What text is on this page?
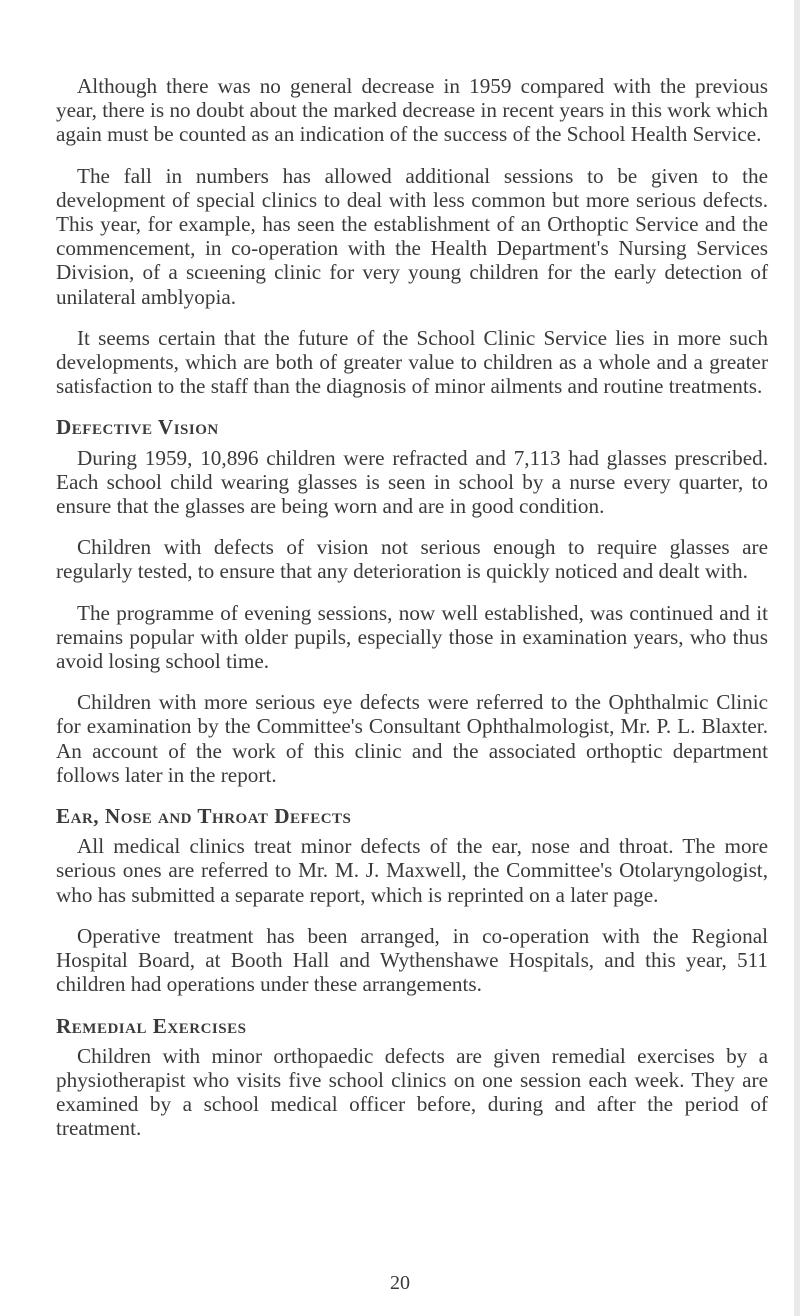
Although there was no general decrease in 1959 compared with the previous year, there is no doubt about the marked decrease in recent years in this work which again must be counted as an indication of the success of the School Health Service.

The fall in numbers has allowed additional sessions to be given to the development of special clinics to deal with less common but more serious defects. This year, for example, has seen the establishment of an Orthoptic Service and the commencement, in co-operation with the Health Department's Nursing Services Division, of a scıeening clinic for very young children for the early detection of unilateral amblyopia.

It seems certain that the future of the School Clinic Service lies in more such developments, which are both of greater value to children as a whole and a greater satisfaction to the staff than the diagnosis of minor ailments and routine treatments.

Defective Vision

During 1959, 10,896 children were refracted and 7,113 had glasses prescribed. Each school child wearing glasses is seen in school by a nurse every quarter, to ensure that the glasses are being worn and are in good condition.

Children with defects of vision not serious enough to require glasses are regularly tested, to ensure that any deterioration is quickly noticed and dealt with.

The programme of evening sessions, now well established, was continued and it remains popular with older pupils, especially those in examination years, who thus avoid losing school time.

Children with more serious eye defects were referred to the Ophthalmic Clinic for examination by the Committee's Consultant Ophthalmologist, Mr. P. L. Blaxter. An account of the work of this clinic and the associated orthoptic department follows later in the report.

Ear, Nose and Throat Defects

All medical clinics treat minor defects of the ear, nose and throat. The more serious ones are referred to Mr. M. J. Maxwell, the Committee's Otolaryngologist, who has submitted a separate report, which is reprinted on a later page.

Operative treatment has been arranged, in co-operation with the Regional Hospital Board, at Booth Hall and Wythenshawe Hospitals, and this year, 511 children had operations under these arrangements.

Remedial Exercises

Children with minor orthopaedic defects are given remedial exercises by a physiotherapist who visits five school clinics on one session each week. They are examined by a school medical officer before, during and after the period of treatment.

20
